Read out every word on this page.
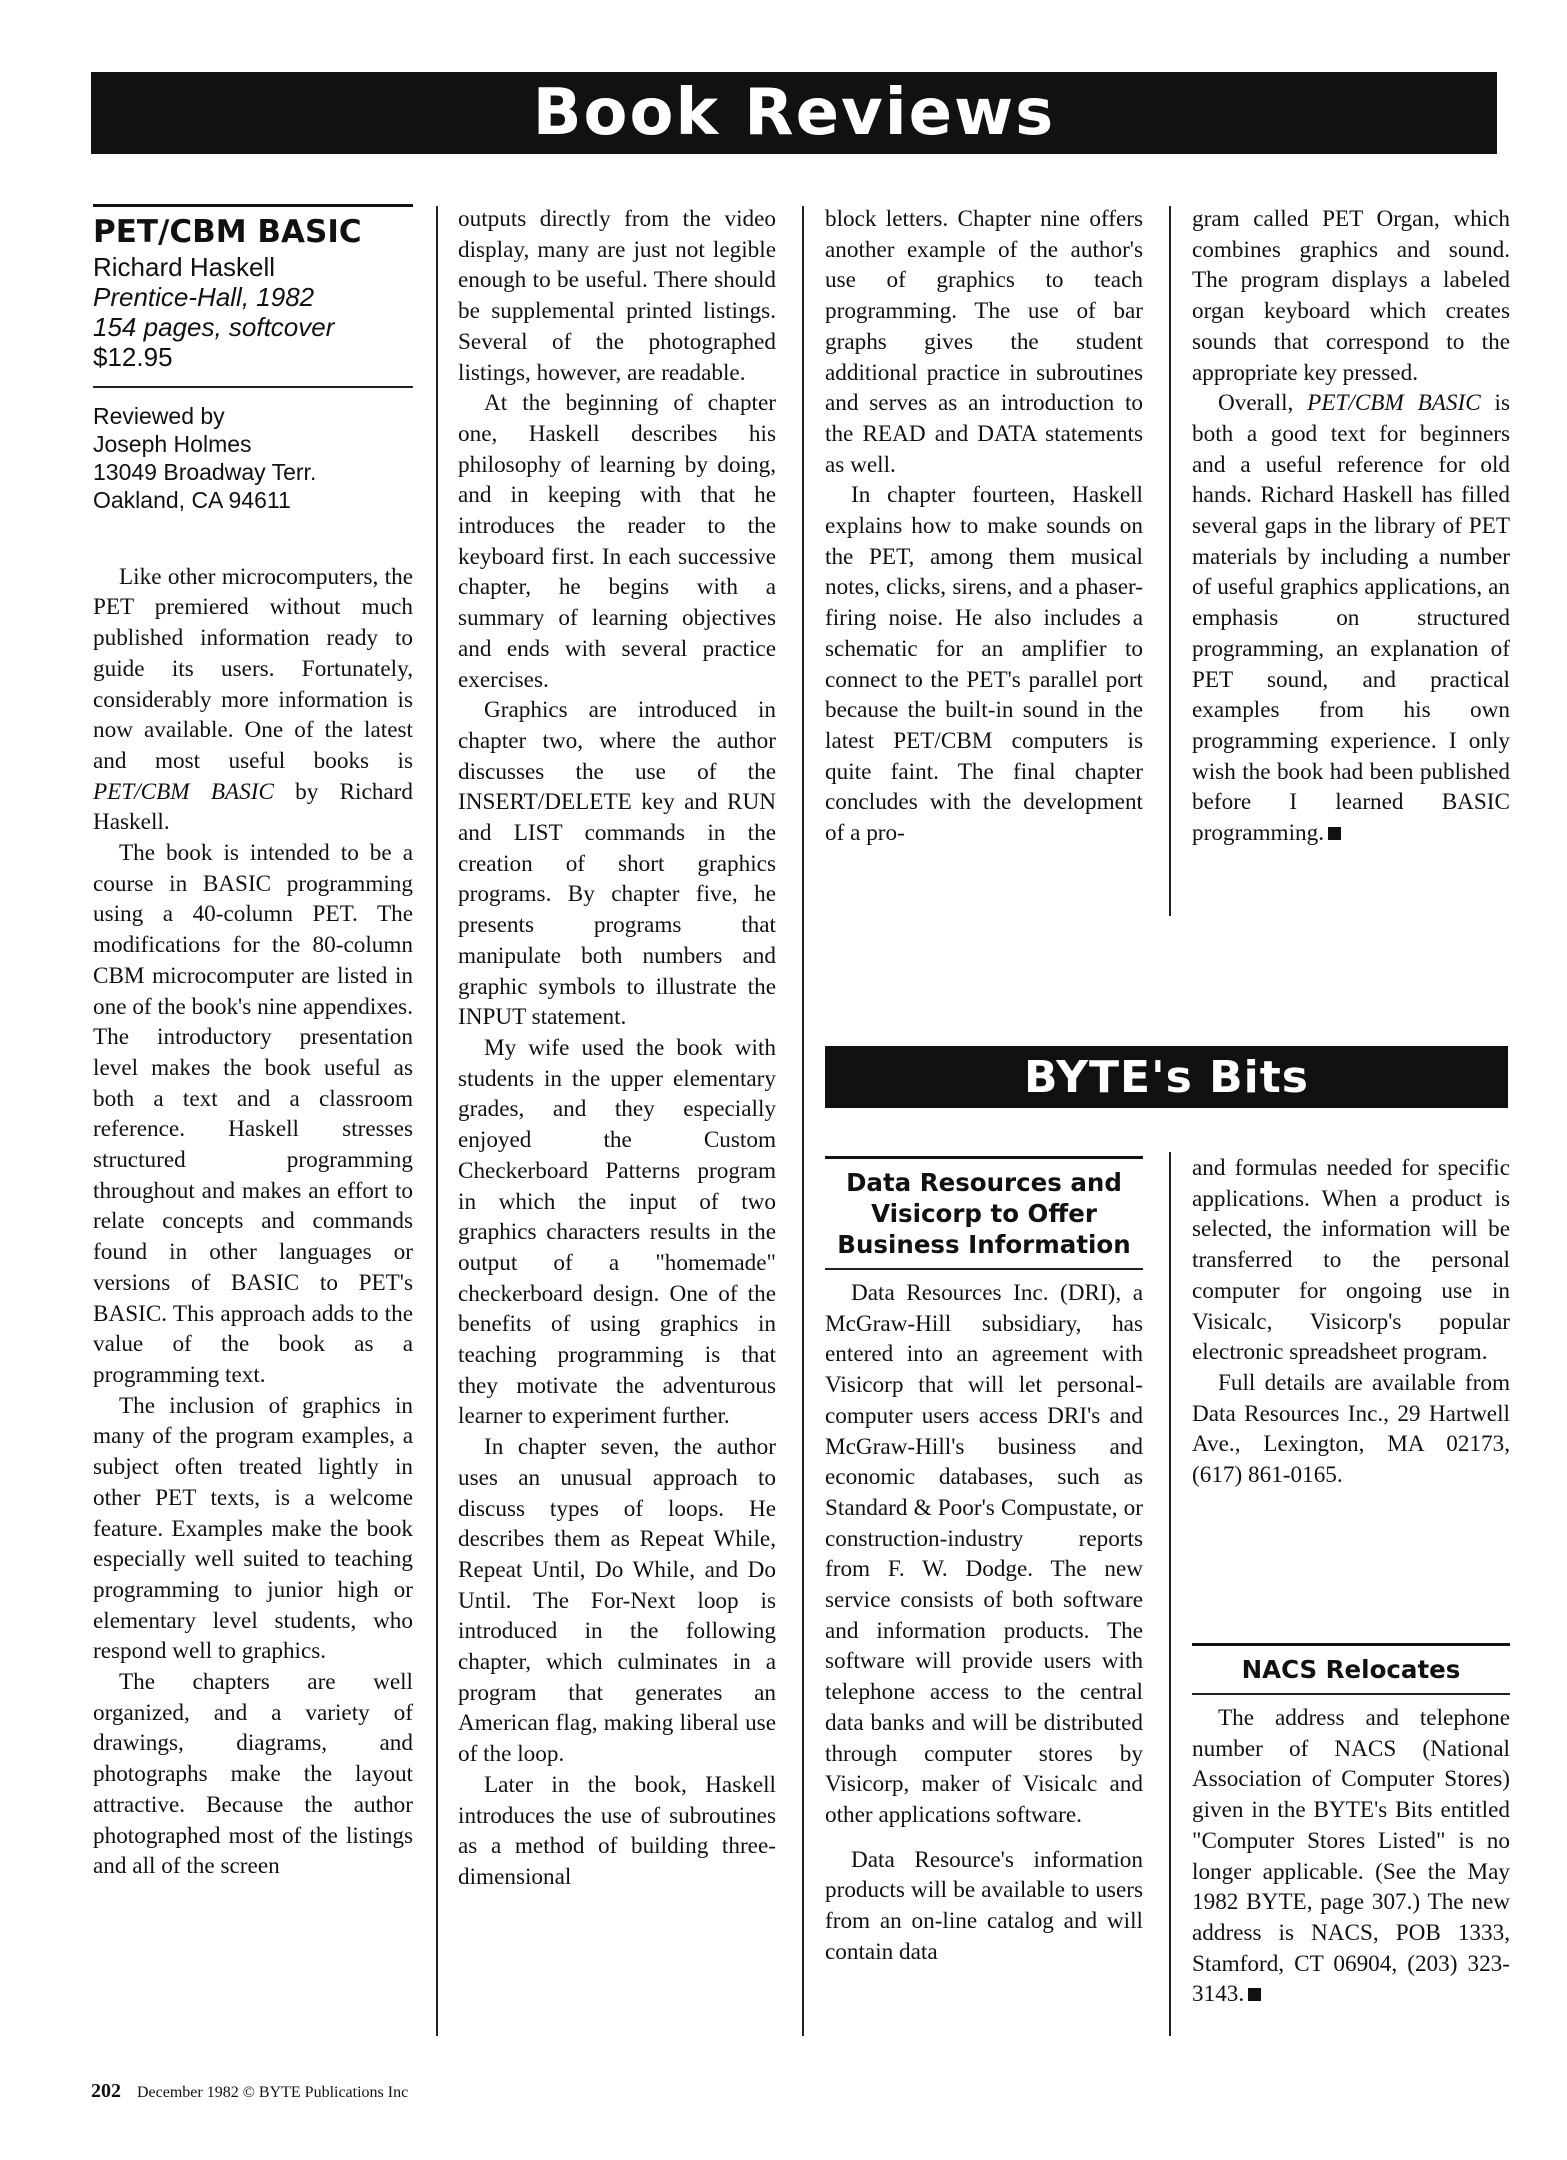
Book Reviews
PET/CBM BASIC
Richard Haskell
Prentice-Hall, 1982
154 pages, softcover
$12.95
Reviewed by
Joseph Holmes
13049 Broadway Terr.
Oakland, CA 94611

Like other microcomputers, the PET premiered without much published information ready to guide its users. Fortunately, considerably more information is now available. One of the latest and most useful books is PET/CBM BASIC by Richard Haskell.

The book is intended to be a course in BASIC programming using a 40-column PET. The modifications for the 80-column CBM microcomputer are listed in one of the book's nine appendixes. The introductory presentation level makes the book useful as both a text and a classroom reference. Haskell stresses structured programming throughout and makes an effort to relate concepts and commands found in other languages or versions of BASIC to PET's BASIC. This approach adds to the value of the book as a programming text.

The inclusion of graphics in many of the program examples, a subject often treated lightly in other PET texts, is a welcome feature. Examples make the book especially well suited to teaching programming to junior high or elementary level students, who respond well to graphics.

The chapters are well organized, and a variety of drawings, diagrams, and photographs make the layout attractive. Because the author photographed most of the listings and all of the screen

outputs directly from the video display, many are just not legible enough to be useful. There should be supplemental printed listings. Several of the photographed listings, however, are readable.

At the beginning of chapter one, Haskell describes his philosophy of learning by doing, and in keeping with that he introduces the reader to the keyboard first. In each successive chapter, he begins with a summary of learning objectives and ends with several practice exercises.

Graphics are introduced in chapter two, where the author discusses the use of the INSERT/DELETE key and RUN and LIST commands in the creation of short graphics programs. By chapter five, he presents programs that manipulate both numbers and graphic symbols to illustrate the INPUT statement.

My wife used the book with students in the upper elementary grades, and they especially enjoyed the Custom Checkerboard Patterns program in which the input of two graphics characters results in the output of a "homemade" checkerboard design. One of the benefits of using graphics in teaching programming is that they motivate the adventurous learner to experiment further.

In chapter seven, the author uses an unusual approach to discuss types of loops. He describes them as Repeat While, Repeat Until, Do While, and Do Until. The For-Next loop is introduced in the following chapter, which culminates in a program that generates an American flag, making liberal use of the loop.

Later in the book, Haskell introduces the use of subroutines as a method of building three-dimensional

block letters. Chapter nine offers another example of the author's use of graphics to teach programming. The use of bar graphs gives the student additional practice in subroutines and serves as an introduction to the READ and DATA statements as well.

In chapter fourteen, Haskell explains how to make sounds on the PET, among them musical notes, clicks, sirens, and a phaser-firing noise. He also includes a schematic for an amplifier to connect to the PET's parallel port because the built-in sound in the latest PET/CBM computers is quite faint. The final chapter concludes with the development of a pro-

gram called PET Organ, which combines graphics and sound. The program displays a labeled organ keyboard which creates sounds that correspond to the appropriate key pressed.

Overall, PET/CBM BASIC is both a good text for beginners and a useful reference for old hands. Richard Haskell has filled several gaps in the library of PET materials by including a number of useful graphics applications, an emphasis on structured programming, an explanation of PET sound, and practical examples from his own programming experience. I only wish the book had been published before I learned BASIC programming.

BYTE's Bits
Data Resources and Visicorp to Offer Business Information

Data Resources Inc. (DRI), a McGraw-Hill subsidiary, has entered into an agreement with Visicorp that will let personal-computer users access DRI's and McGraw-Hill's business and economic databases, such as Standard & Poor's Compustate, or construction-industry reports from F. W. Dodge. The new service consists of both software and information products. The software will provide users with telephone access to the central data banks and will be distributed through computer stores by Visicorp, maker of Visicalc and other applications software.

Data Resource's information products will be available to users from an on-line catalog and will contain data

and formulas needed for specific applications. When a product is selected, the information will be transferred to the personal computer for ongoing use in Visicalc, Visicorp's popular electronic spreadsheet program.

Full details are available from Data Resources Inc., 29 Hartwell Ave., Lexington, MA 02173, (617) 861-0165.

NACS Relocates

The address and telephone number of NACS (National Association of Computer Stores) given in the BYTE's Bits entitled "Computer Stores Listed" is no longer applicable. (See the May 1982 BYTE, page 307.) The new address is NACS, POB 1333, Stamford, CT 06904, (203) 323-3143.

202 December 1982 © BYTE Publications Inc
